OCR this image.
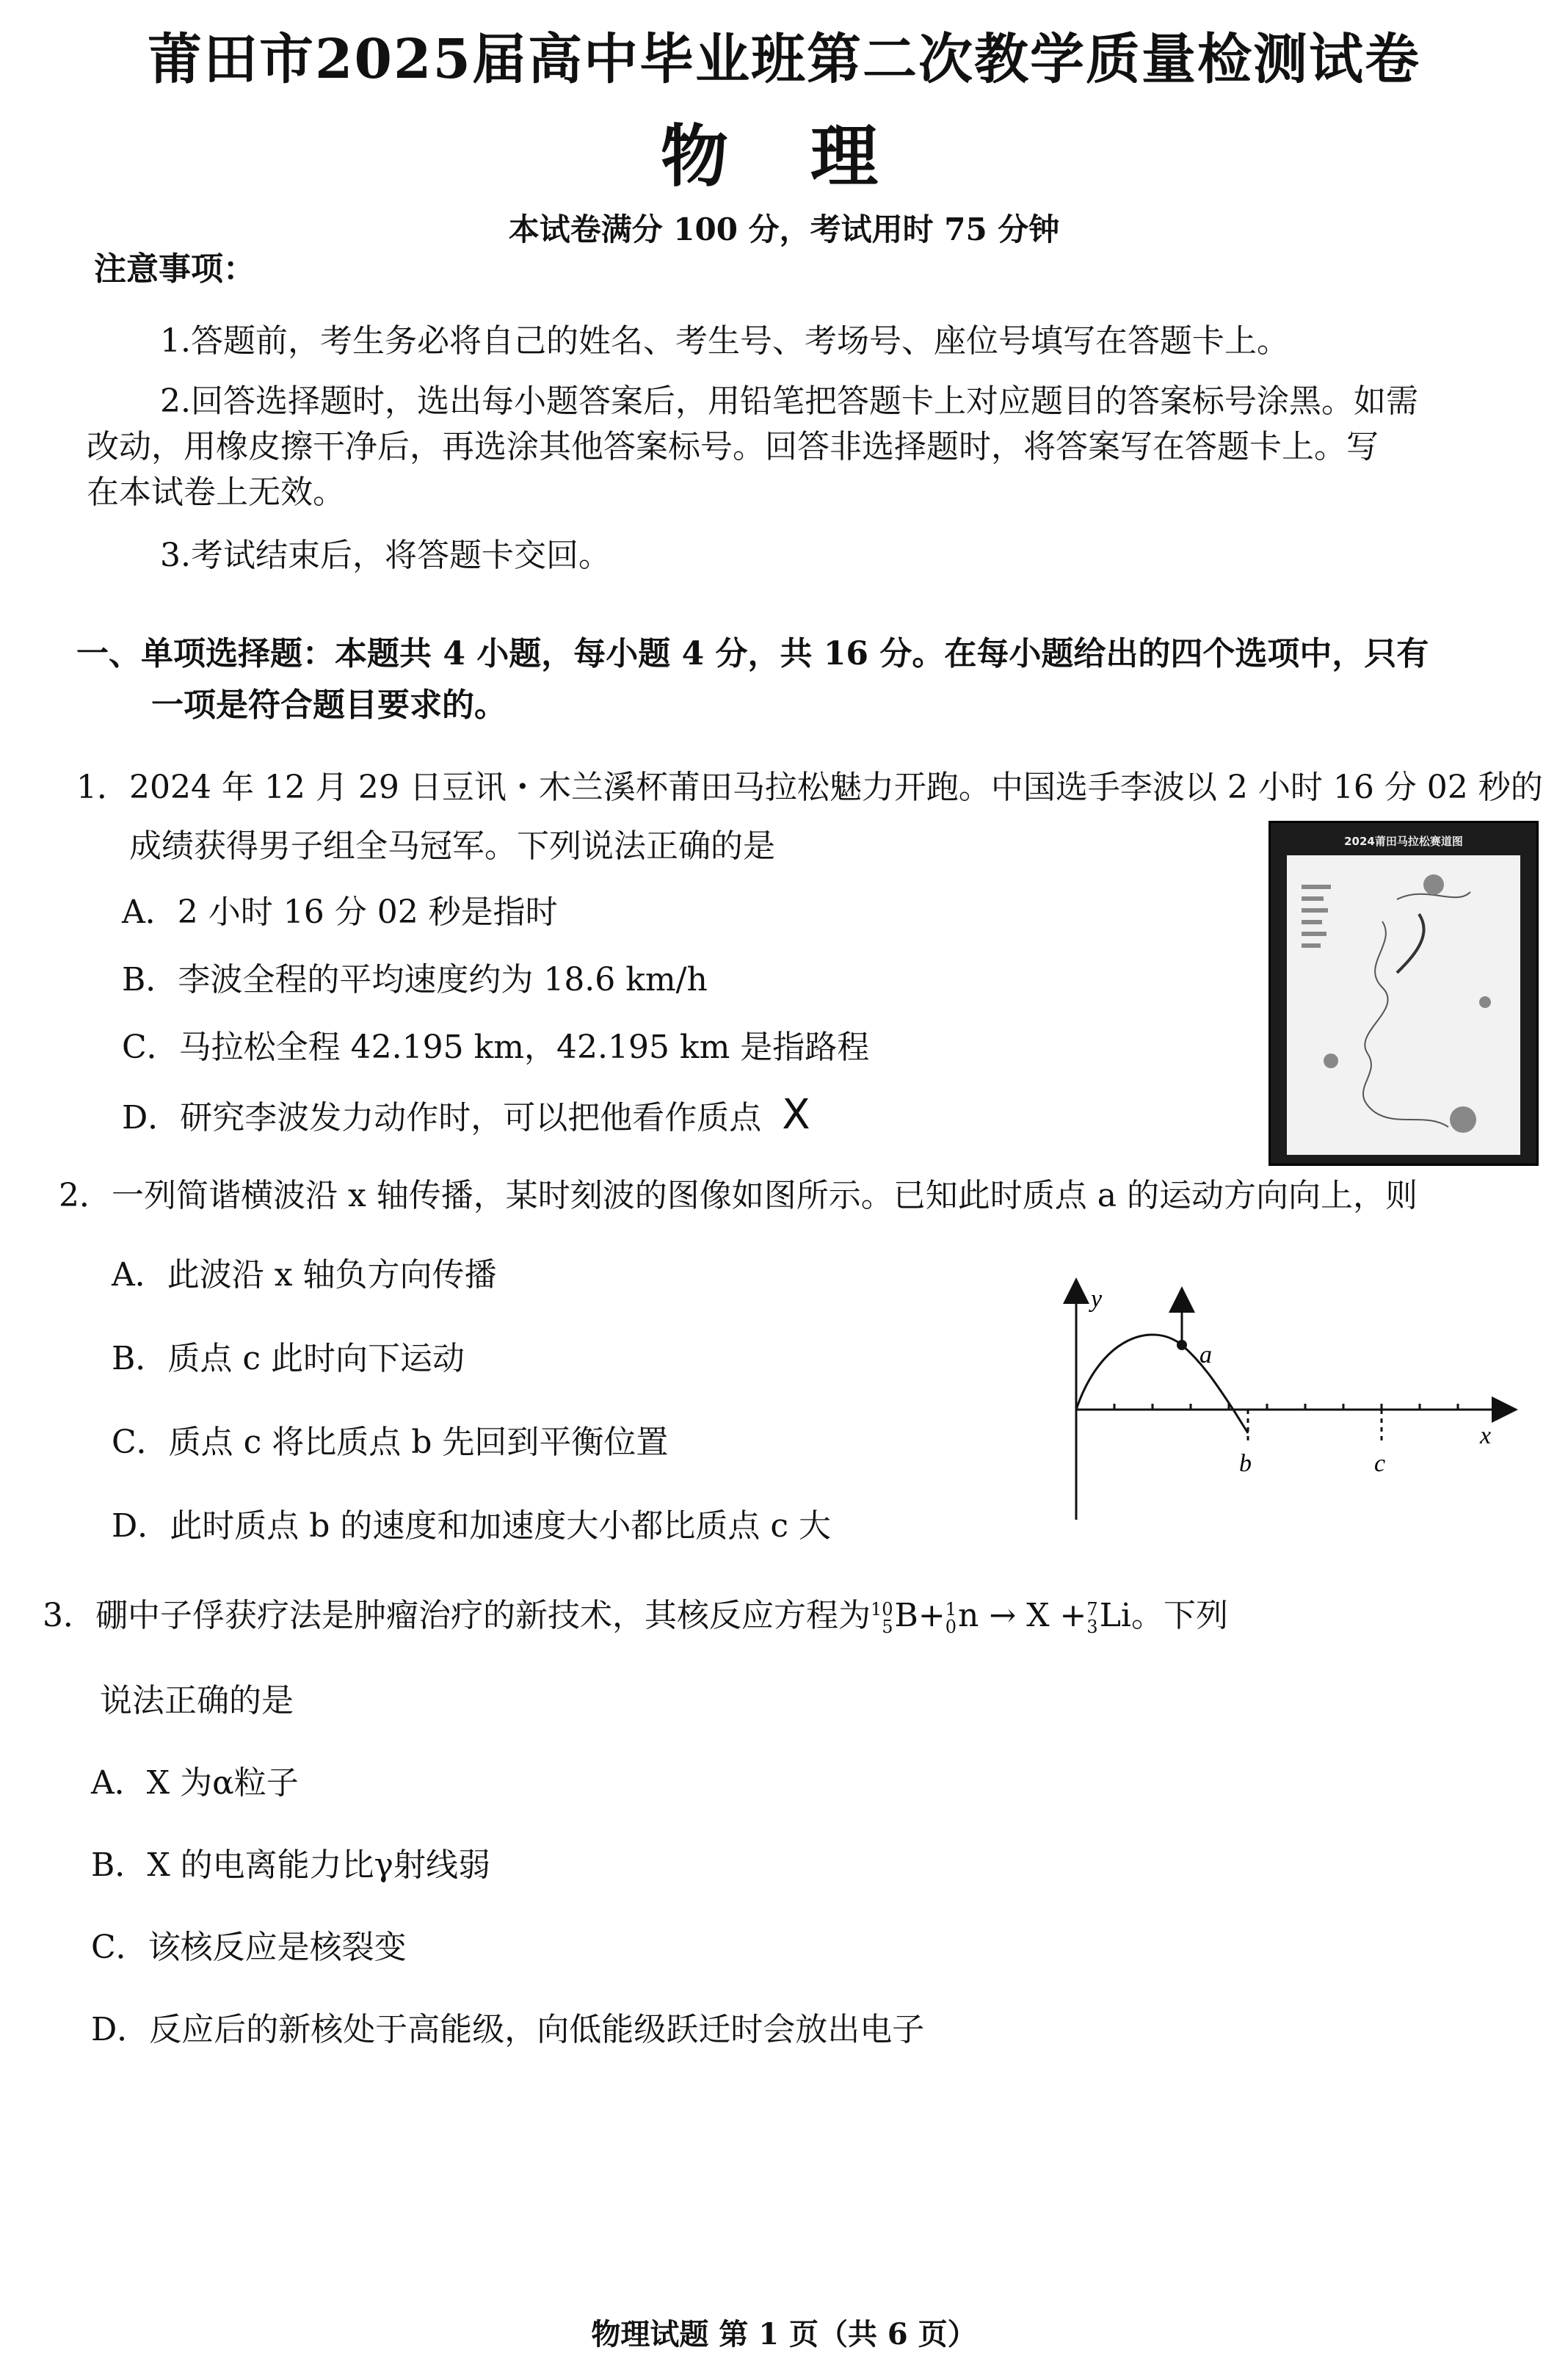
莆田市2025届高中毕业班第二次教学质量检测试卷
物 理
本试卷满分 100 分，考试用时 75 分钟
注意事项：
1.答题前，考生务必将自己的姓名、考生号、考场号、座位号填写在答题卡上。
2.回答选择题时，选出每小题答案后，用铅笔把答题卡上对应题目的答案标号涂黑。如需
改动，用橡皮擦干净后，再选涂其他答案标号。回答非选择题时，将答案写在答题卡上。写
在本试卷上无效。
3.考试结束后，将答题卡交回。
一、单项选择题：本题共 4 小题，每小题 4 分，共 16 分。在每小题给出的四个选项中，只有
一项是符合题目要求的。
1．2024 年 12 月 29 日豆讯・木兰溪杯莆田马拉松魅力开跑。中国选手李波以 2 小时 16 分 02 秒的
成绩获得男子组全马冠军。下列说法正确的是
A．2 小时 16 分 02 秒是指时
B．李波全程的平均速度约为 18.6 km/h
C．马拉松全程 42.195 km，42.195 km 是指路程
D．研究李波发力动作时，可以把他看作质点 X
2024莆田马拉松赛道图
2．一列简谐横波沿 x 轴传播，某时刻波的图像如图所示。已知此时质点 a 的运动方向向上，则
A．此波沿 x 轴负方向传播
B．质点 c 此时向下运动
C．质点 c 将比质点 b 先回到平衡位置
D．此时质点 b 的速度和加速度大小都比质点 c 大
a
b	c
y
x
3．硼中子俘获疗法是肿瘤治疗的新技术，其核反应方程为10
5B+1
0n → X +7
3Li。下列
说法正确的是
A．X 为α粒子
B．X 的电离能力比γ射线弱
C．该核反应是核裂变
D．反应后的新核处于高能级，向低能级跃迁时会放出电子
物理试题 第 1 页（共 6 页）
